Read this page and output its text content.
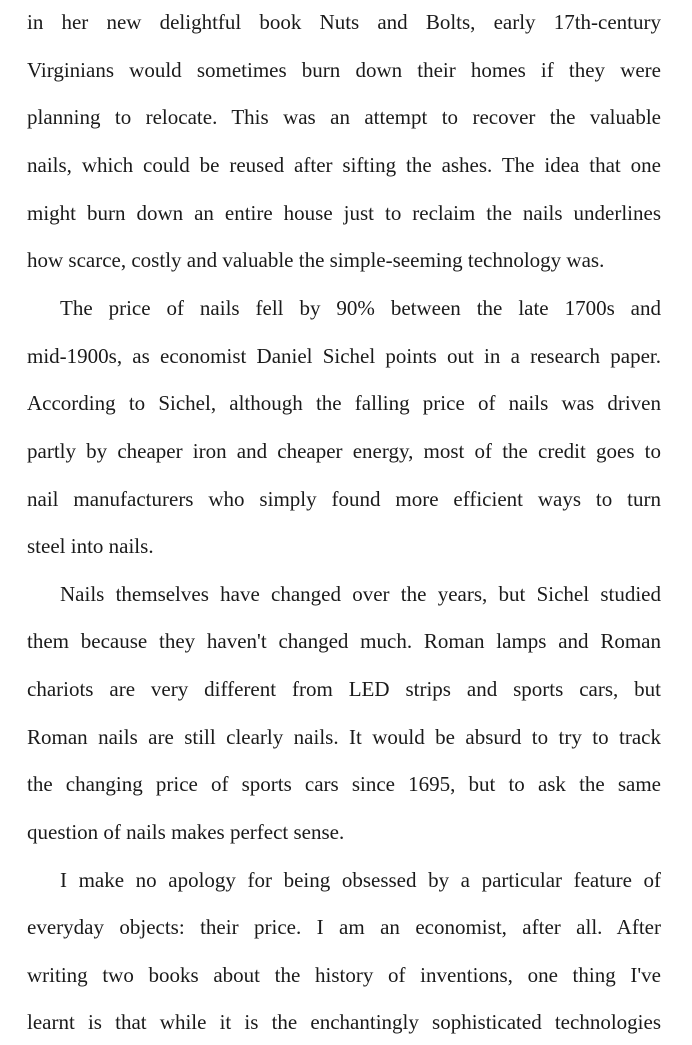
in her new delightful book Nuts and Bolts, early 17th-century
Virginians would sometimes burn down their homes if they were
planning to relocate. This was an attempt to recover the valuable
nails, which could be reused after sifting the ashes. The idea that one
might burn down an entire house just to reclaim the nails underlines
how scarce, costly and valuable the simple-seeming technology was.
The price of nails fell by 90% between the late 1700s and
mid-1900s, as economist Daniel Sichel points out in a research paper.
According to Sichel, although the falling price of nails was driven
partly by cheaper iron and cheaper energy, most of the credit goes to
nail manufacturers who simply found more efficient ways to turn
steel into nails.
Nails themselves have changed over the years, but Sichel studied
them because they haven't changed much. Roman lamps and Roman
chariots are very different from LED strips and sports cars, but
Roman nails are still clearly nails. It would be absurd to try to track
the changing price of sports cars since 1695, but to ask the same
question of nails makes perfect sense.
I make no apology for being obsessed by a particular feature of
everyday objects: their price. I am an economist, after all. After
writing two books about the history of inventions, one thing I've
learnt is that while it is the enchantingly sophisticated technologies
